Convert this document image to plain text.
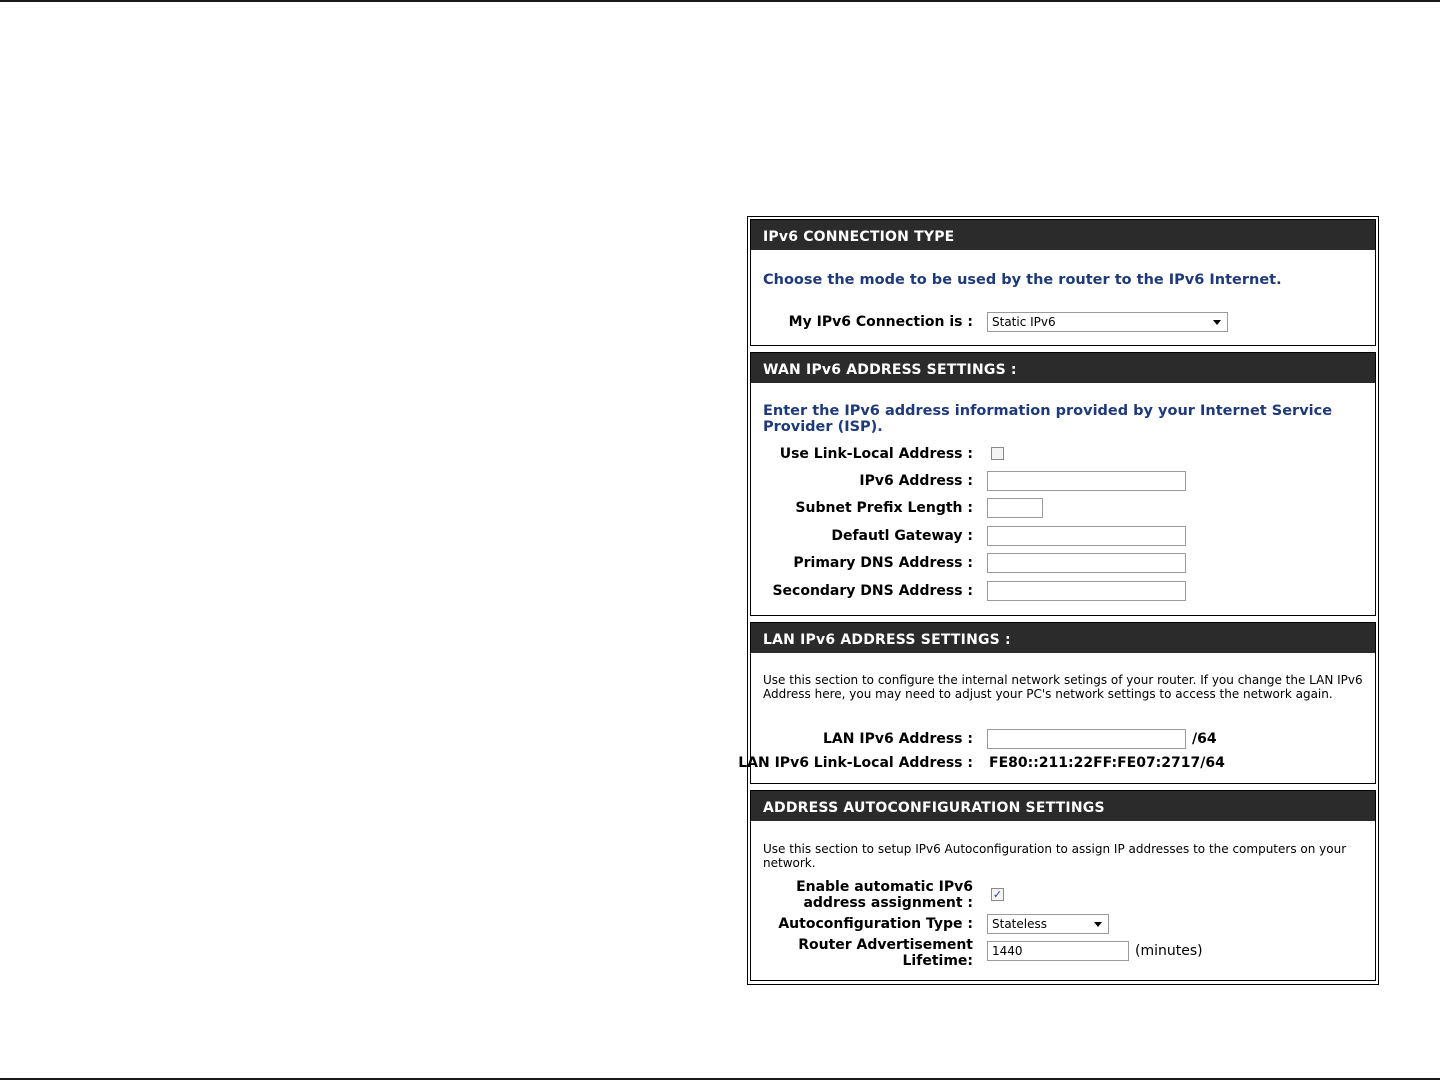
IPv6 CONNECTION TYPE
Choose the mode to be used by the router to the IPv6 Internet.
My IPv6 Connection is :	Static IPv6
WAN IPv6 ADDRESS SETTINGS :
Enter the IPv6 address information provided by your Internet Service Provider (ISP).
Use Link-Local Address :
IPv6 Address :
Subnet Prefix Length :
Defautl Gateway :
Primary DNS Address :
Secondary DNS Address :
LAN IPv6 ADDRESS SETTINGS :
Use this section to configure the internal network setings of your router. If you change the LAN IPv6 Address here, you may need to adjust your PC's network settings to access the network again.
LAN IPv6 Address :	/64
LAN IPv6 Link-Local Address : FE80::211:22FF:FE07:2717/64
ADDRESS AUTOCONFIGURATION SETTINGS
Use this section to setup IPv6 Autoconfiguration to assign IP addresses to the computers on your network.
Enable automatic IPv6
address assignment :
✓
Autoconfiguration Type :	Stateless
Router Advertisement
Lifetime:
1440	(minutes)
